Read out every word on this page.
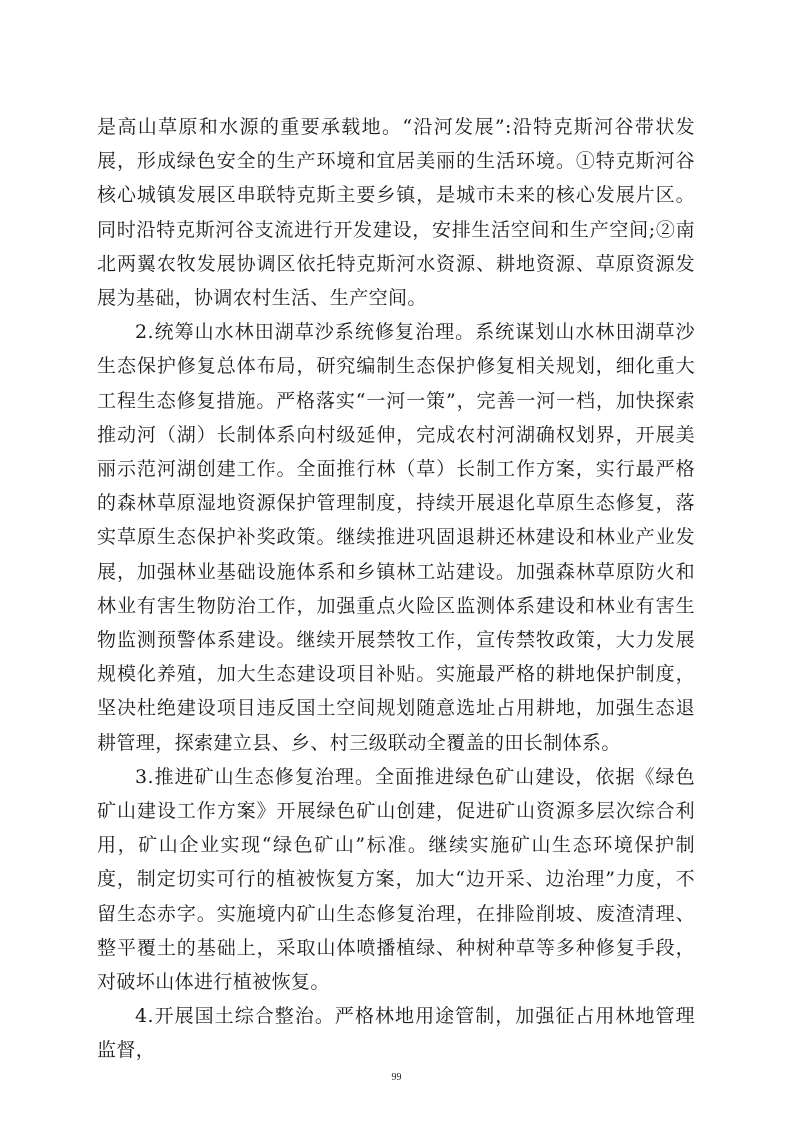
是高山草原和水源的重要承载地。“沿河发展”:沿特克斯河谷带状发展，形成绿色安全的生产环境和宜居美丽的生活环境。①特克斯河谷核心城镇发展区串联特克斯主要乡镇，是城市未来的核心发展片区。同时沿特克斯河谷支流进行开发建设，安排生活空间和生产空间;②南北两翼农牧发展协调区依托特克斯河水资源、耕地资源、草原资源发展为基础，协调农村生活、生产空间。

2.统筹山水林田湖草沙系统修复治理。系统谋划山水林田湖草沙生态保护修复总体布局，研究编制生态保护修复相关规划，细化重大工程生态修复措施。严格落实“一河一策”，完善一河一档，加快探索推动河（湖）长制体系向村级延伸，完成农村河湖确权划界，开展美丽示范河湖创建工作。全面推行林（草）长制工作方案，实行最严格的森林草原湿地资源保护管理制度，持续开展退化草原生态修复，落实草原生态保护补奖政策。继续推进巩固退耕还林建设和林业产业发展，加强林业基础设施体系和乡镇林工站建设。加强森林草原防火和林业有害生物防治工作，加强重点火险区监测体系建设和林业有害生物监测预警体系建设。继续开展禁牧工作，宣传禁牧政策，大力发展规模化养殖，加大生态建设项目补贴。实施最严格的耕地保护制度，坚决杜绝建设项目违反国土空间规划随意选址占用耕地，加强生态退耕管理，探索建立县、乡、村三级联动全覆盖的田长制体系。

3.推进矿山生态修复治理。全面推进绿色矿山建设，依据《绿色矿山建设工作方案》开展绿色矿山创建，促进矿山资源多层次综合利用，矿山企业实现“绿色矿山”标准。继续实施矿山生态环境保护制度，制定切实可行的植被恢复方案，加大“边开采、边治理”力度，不留生态赤字。实施境内矿山生态修复治理，在排险削坡、废渣清理、整平覆土的基础上，采取山体喷播植绿、种树种草等多种修复手段，对破坏山体进行植被恢复。

4.开展国土综合整治。严格林地用途管制，加强征占用林地管理监督，

99
